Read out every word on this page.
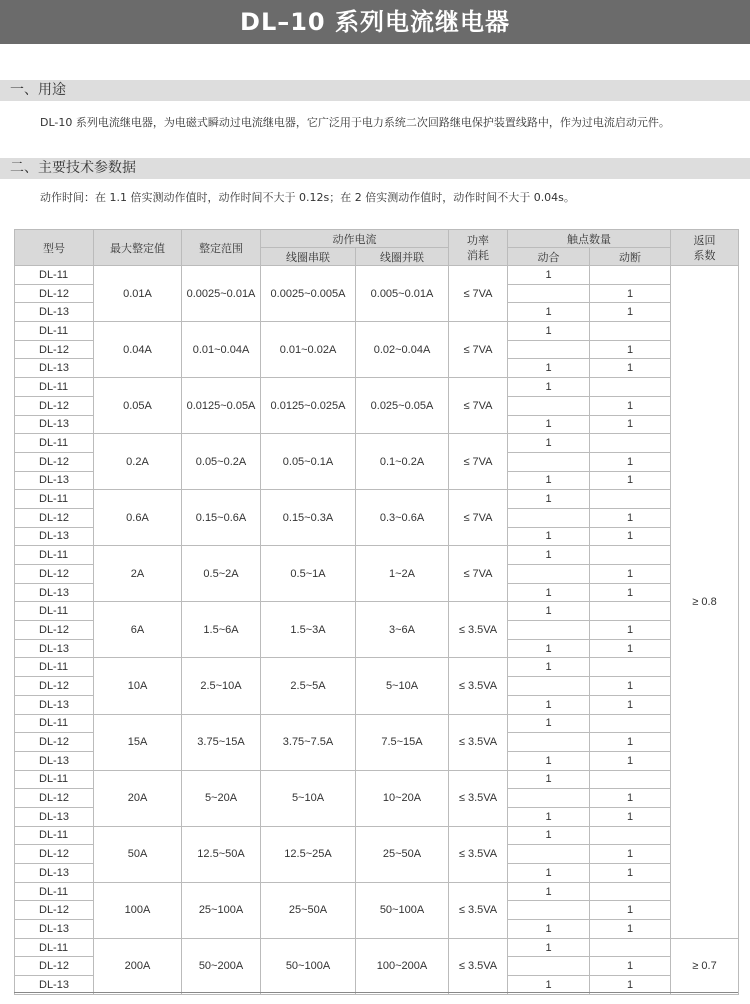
DL–10 系列电流继电器
一、用途
DL-10 系列电流继电器，为电磁式瞬动过电流继电器，它广泛用于电力系统二次回路继电保护装置线路中，作为过电流启动元件。
二、主要技术参数据
动作时间：在 1.1 倍实测动作值时，动作时间不大于 0.12s；在 2 倍实测动作值时，动作时间不大于 0.04s。
型号	最大整定值	整定范围	动作电流		功率消耗	触点数量		返回系数
			线圈串联	线圈并联		动合	动断	
DL-11	0.01A	0.0025~0.01A	0.0025~0.005A	0.005~0.01A	≤ 7VA	1		≥ 0.8
DL-12							1	
DL-13						1	1	
DL-11	0.04A	0.01~0.04A	0.01~0.02A	0.02~0.04A	≤ 7VA	1		
DL-12							1	
DL-13						1	1	
DL-11	0.05A	0.0125~0.05A	0.0125~0.025A	0.025~0.05A	≤ 7VA	1		
DL-12							1	
DL-13						1	1	
DL-11	0.2A	0.05~0.2A	0.05~0.1A	0.1~0.2A	≤ 7VA	1		
DL-12							1	
DL-13						1	1	
DL-11	0.6A	0.15~0.6A	0.15~0.3A	0.3~0.6A	≤ 7VA	1		
DL-12							1	
DL-13						1	1	
DL-11	2A	0.5~2A	0.5~1A	1~2A	≤ 7VA	1		
DL-12							1	
DL-13						1	1	
DL-11	6A	1.5~6A	1.5~3A	3~6A	≤ 3.5VA	1		
DL-12							1	
DL-13						1	1	
DL-11	10A	2.5~10A	2.5~5A	5~10A	≤ 3.5VA	1		
DL-12							1	
DL-13						1	1	
DL-11	15A	3.75~15A	3.75~7.5A	7.5~15A	≤ 3.5VA	1		
DL-12							1	
DL-13						1	1	
DL-11	20A	5~20A	5~10A	10~20A	≤ 3.5VA	1		
DL-12							1	
DL-13						1	1	
DL-11	50A	12.5~50A	12.5~25A	25~50A	≤ 3.5VA	1		
DL-12							1	
DL-13						1	1	
DL-11	100A	25~100A	25~50A	50~100A	≤ 3.5VA	1		
DL-12							1	
DL-13						1	1	
DL-11	200A	50~200A	50~100A	100~200A	≤ 3.5VA	1		≥ 0.7
DL-12							1	
DL-13						1	1	
